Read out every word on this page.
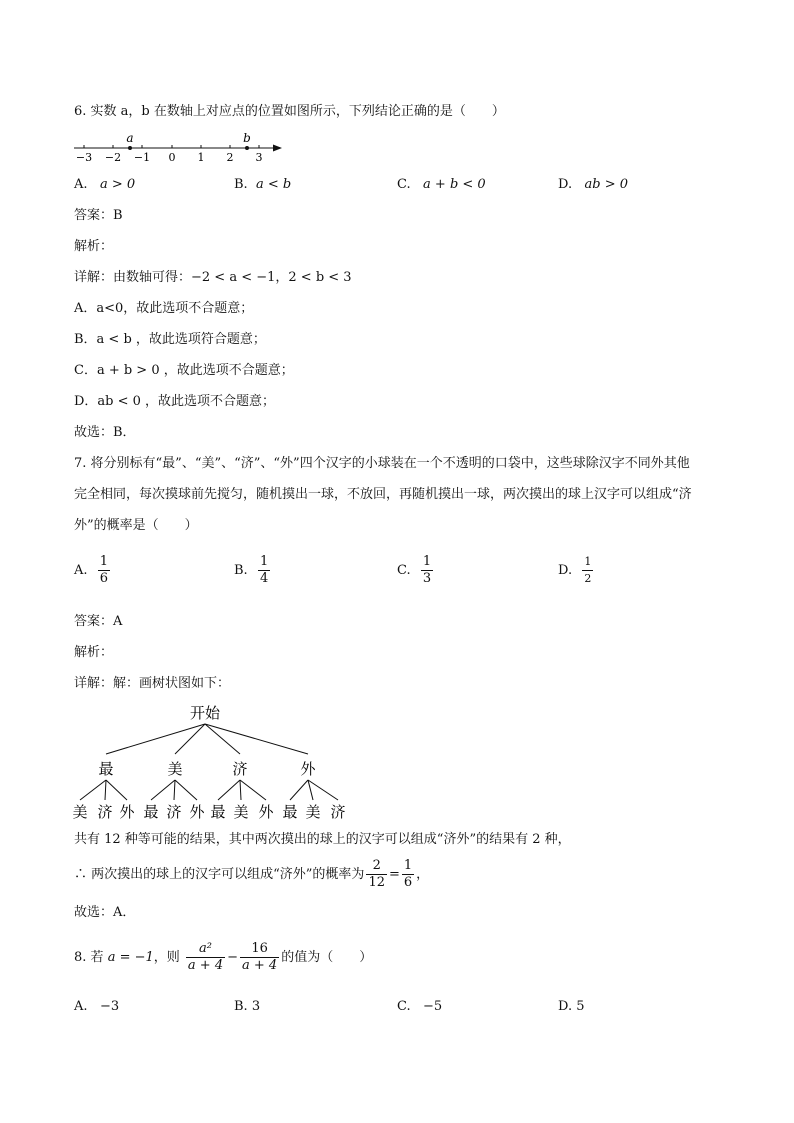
6. 实数 a，b 在数轴上对应点的位置如图所示，下列结论正确的是（　　）
a	b
−3 −2 −1 0 1 2 3
A. a > 0	B. a < b	C. a + b < 0	D. ab > 0
答案：B
解析：
详解：由数轴可得：−2 < a < −1，2 < b < 3
A．a<0，故此选项不合题意；
B．a < b ，故此选项符合题意；
C．a + b > 0 ，故此选项不合题意；
D．ab < 0 ，故此选项不合题意；
故选：B．
7. 将分别标有“最”、“美”、“济”、“外”四个汉字的小球装在一个不透明的口袋中，这些球除汉字不同外其他
完全相同，每次摸球前先搅匀，随机摸出一球，不放回，再随机摸出一球，两次摸出的球上汉字可以组成“济
外”的概率是（　　）
A. $\frac{1}{6}$	B. $\frac{1}{4}$	C. $\frac{1}{3}$	D. $\frac{1}{2}$
答案：A
解析：
详解：解：画树状图如下：
开始
最	美	济	外
美 济 外 最 济 外 最 美 外 最 美 济
共有 12 种等可能的结果，其中两次摸出的球上的汉字可以组成“济外”的结果有 2 种，
∴ 两次摸出的球上的汉字可以组成“济外”的概率为 $\frac{2}{12} = \frac{1}{6}$ ，
故选：A．
8. 若 a = −1，则 $\frac{\text{a²}}{a + 4} - \frac{16}{a + 4}$ 的值为（　　）
A. −3	B. 3	C. −5	D. 5
